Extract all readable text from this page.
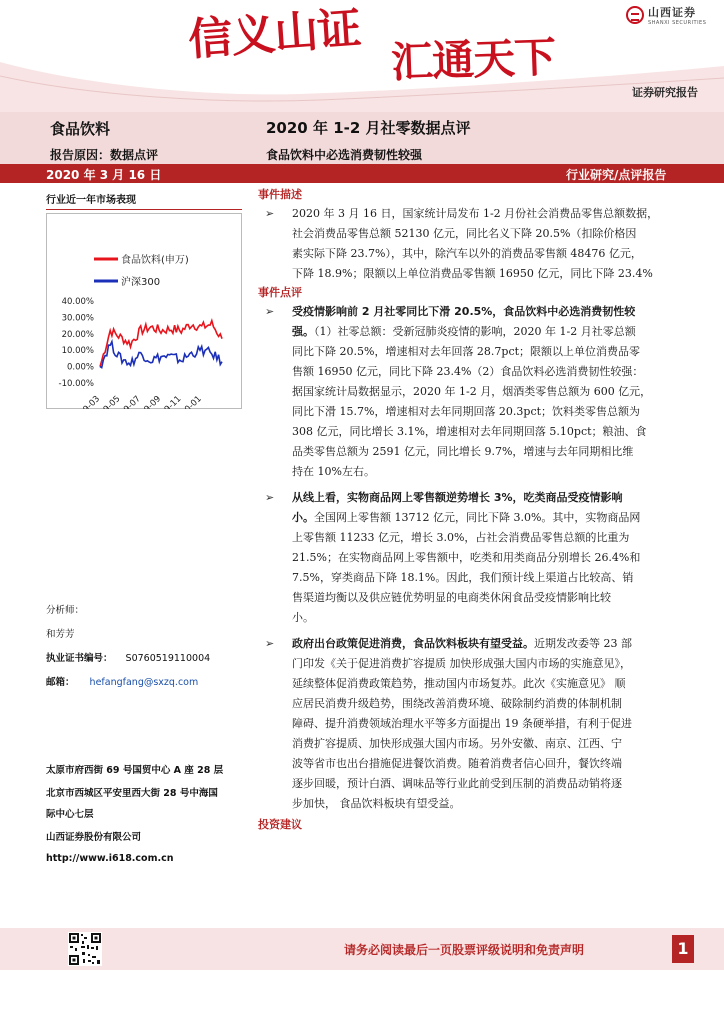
信义山证 汇通天下
山西证券
SHANXI SECURITIES
证券研究报告
食品饮料	2020 年 1-2 月社零数据点评
报告原因：数据点评	食品饮料中必选消费韧性较强
2020 年 3 月 16 日	行业研究/点评报告
行业近一年市场表现
食品饮料(申万)
沪深300
40.00%
30.00%
20.00%
10.00%
0.00%
-10.00%
19-03
19-05
19-07
19-09
19-11
20-01
分析师：
和芳芳
执业证书编号： S0760519110004
邮箱： hefangfang@sxzq.com
太原市府西街 69 号国贸中心 A 座 28 层
北京市西城区平安里西大街 28 号中海国
际中心七层
山西证券股份有限公司
http://www.i618.com.cn
事件描述
➢ 2020 年 3 月 16 日，国家统计局发布 1-2 月份社会消费品零售总额数据，
社会消费品零售总额 52130 亿元，同比名义下降 20.5%（扣除价格因
素实际下降 23.7%），其中，除汽车以外的消费品零售额 48476 亿元，
下降 18.9%；限额以上单位消费品零售额 16950 亿元，同比下降 23.4%
事件点评
➢ 受疫情影响前 2 月社零同比下滑 20.5%，食品饮料中必选消费韧性较
强。（1）社零总额：受新冠肺炎疫情的影响，2020 年 1-2 月社零总额
同比下降 20.5%，增速相对去年回落 28.7pct；限额以上单位消费品零
售额 16950 亿元，同比下降 23.4%（2）食品饮料必选消费韧性较强：
据国家统计局数据显示，2020 年 1-2 月，烟酒类零售总额为 600 亿元，
同比下滑 15.7%，增速相对去年同期回落 20.3pct；饮料类零售总额为
308 亿元，同比增长 3.1%，增速相对去年同期回落 5.10pct；粮油、食
品类零售总额为 2591 亿元，同比增长 9.7%，增速与去年同期相比维
持在 10%左右。
➢ 从线上看，实物商品网上零售额逆势增长 3%，吃类商品受疫情影响
小。全国网上零售额 13712 亿元，同比下降 3.0%。其中，实物商品网
上零售额 11233 亿元，增长 3.0%，占社会消费品零售总额的比重为
21.5%；在实物商品网上零售额中，吃类和用类商品分别增长 26.4%和
7.5%，穿类商品下降 18.1%。因此，我们预计线上渠道占比较高、销
售渠道均衡以及供应链优势明显的电商类休闲食品受疫情影响比较
小。
➢ 政府出台政策促进消费，食品饮料板块有望受益。近期发改委等 23 部
门印发《关于促进消费扩容提质 加快形成强大国内市场的实施意见》，
延续整体促消费政策趋势，推动国内市场复苏。此次《实施意见》 顺
应居民消费升级趋势，围绕改善消费环境、破除制约消费的体制机制
障碍、提升消费领域治理水平等多方面提出 19 条硬举措，有利于促进
消费扩容提质、加快形成强大国内市场。另外安徽、南京、江西、宁
波等省市也出台措施促进餐饮消费。随着消费者信心回升，餐饮终端
逐步回暖，预计白酒、调味品等行业此前受到压制的消费品动销将逐
步加快， 食品饮料板块有望受益。
投资建议
请务必阅读最后一页股票评级说明和免责声明	1
